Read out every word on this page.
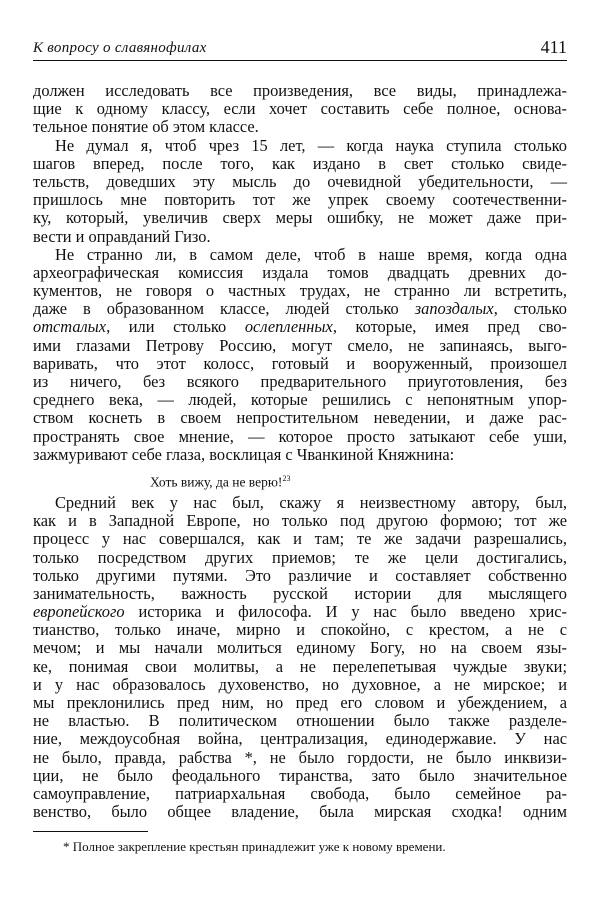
К вопросу о славянофилах	411
должен исследовать все произведения, все виды, принадлежа-
щие к одному классу, если хочет составить себе полное, основа-
тельное понятие об этом классе.
Не думал я, чтоб чрез 15 лет, — когда наука ступила столько
шагов вперед, после того, как издано в свет столько свиде-
тельств, доведших эту мысль до очевидной убедительности, —
пришлось мне повторить тот же упрек своему соотечественни-
ку, который, увеличив сверх меры ошибку, не может даже при-
вести и оправданий Гизо.
Не странно ли, в самом деле, чтоб в наше время, когда одна
археографическая комиссия издала томов двадцать древних до-
кументов, не говоря о частных трудах, не странно ли встретить,
даже в образованном классе, людей столько запоздалых, столько
отсталых, или столько ослепленных, которые, имея пред сво-
ими глазами Петрову Россию, могут смело, не запинаясь, выго-
варивать, что этот колосс, готовый и вооруженный, произошел
из ничего, без всякого предварительного приуготовления, без
среднего века, — людей, которые решились с непонятным упор-
ством коснеть в своем непростительном неведении, и даже рас-
пространять свое мнение, — которое просто затыкают себе уши,
зажмуривают себе глаза, восклицая с Чванкиной Княжнина:
Хоть вижу, да не верю!$^{23}$
Средний век у нас был, скажу я неизвестному автору, был,
как и в Западной Европе, но только под другою формою; тот же
процесс у нас совершался, как и там; те же задачи разрешались,
только посредством других приемов; те же цели достигались,
только другими путями. Это различие и составляет собственно
занимательность, важность русской истории для мыслящего
европейского историка и философа. И у нас было введено хрис-
тианство, только иначе, мирно и спокойно, с крестом, а не с
мечом; и мы начали молиться единому Богу, но на своем язы-
ке, понимая свои молитвы, а не перелепетывая чуждые звуки;
и у нас образовалось духовенство, но духовное, а не мирское; и
мы преклонились пред ним, но пред его словом и убеждением, а
не властью. В политическом отношении было также разделе-
ние, междоусобная война, централизация, единодержавие. У нас
не было, правда, рабства *, не было гордости, не было инквизи-
ции, не было феодального тиранства, зато было значительное
самоуправление, патриархальная свобода, было семейное ра-
венство, было общее владение, была мирская сходка! одним
* Полное закрепление крестьян принадлежит уже к новому времени.
